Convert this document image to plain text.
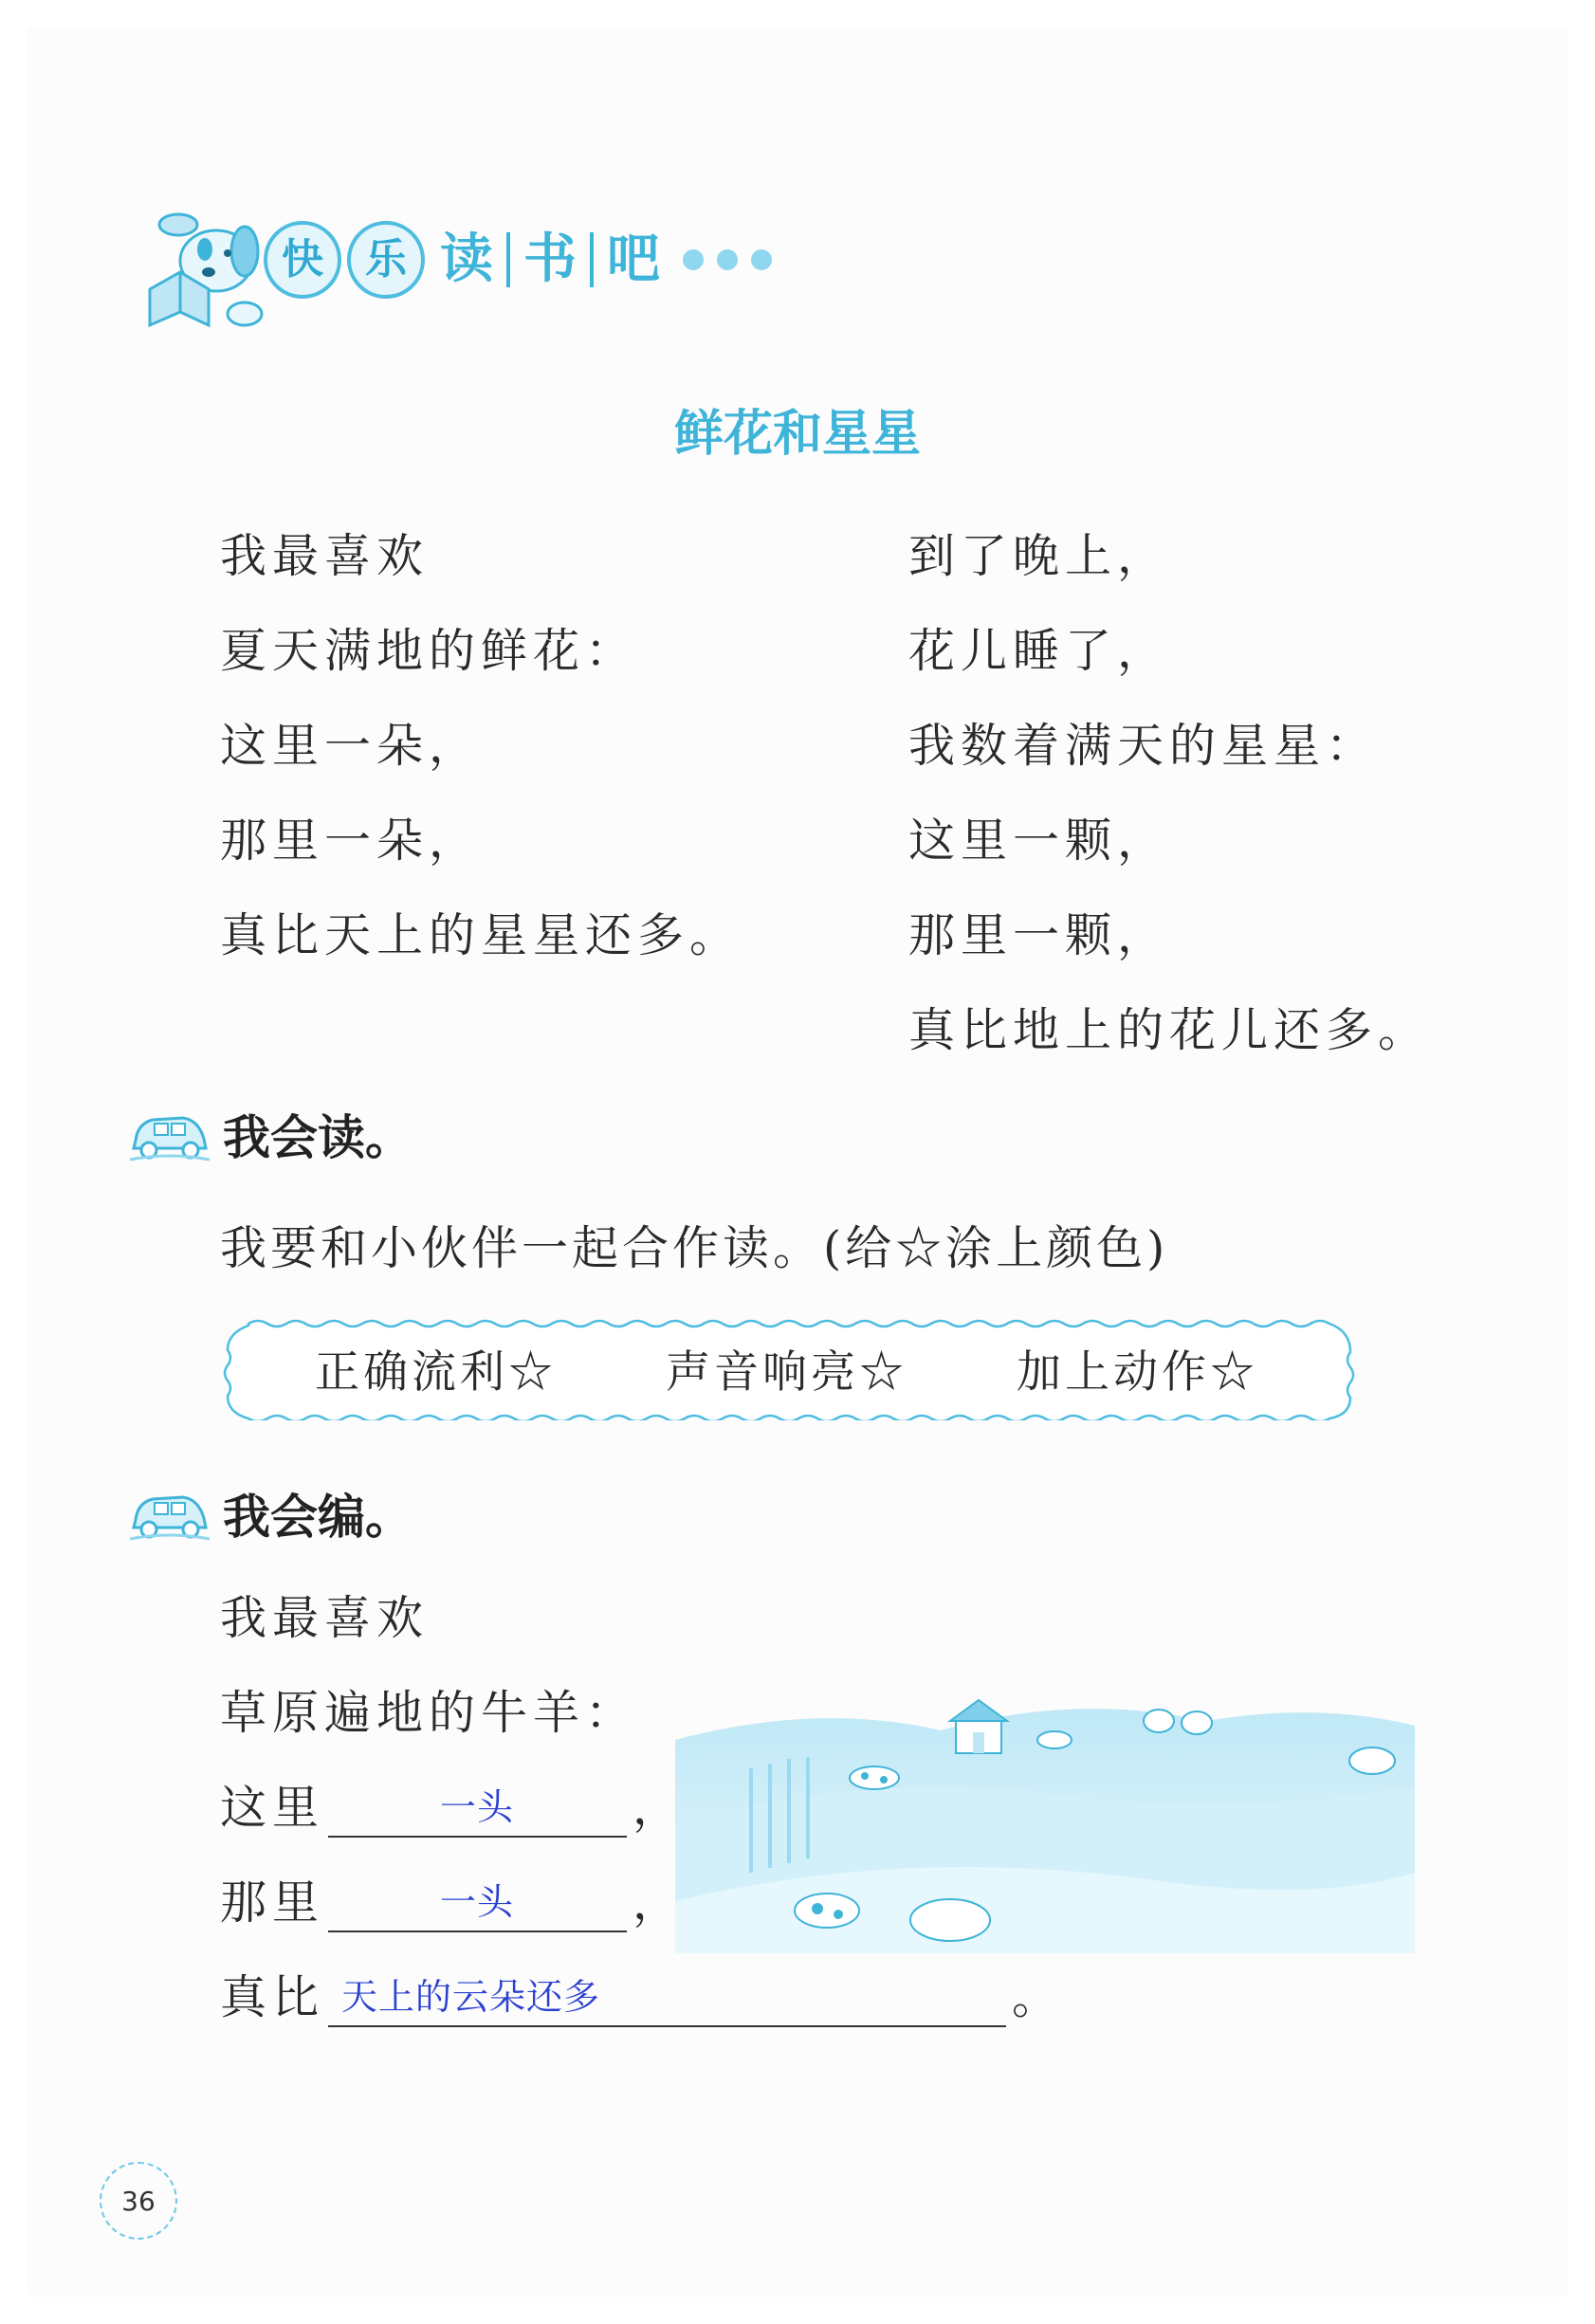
快	乐 读 书 吧
鲜花和星星
我最喜欢
夏天满地的鲜花：
这里一朵，
那里一朵，
真比天上的星星还多。
到了晚上，
花儿睡了，
我数着满天的星星：
这里一颗，
那里一颗，
真比地上的花儿还多。
我会读。
我要和小伙伴一起合作读。(给☆涂上颜色)
正确流利☆ 声音响亮☆ 加上动作☆
我会编。
我最喜欢
草原遍地的牛羊：
这里	一头	，
那里	一头	，
真比 天上的云朵还多	。
36
